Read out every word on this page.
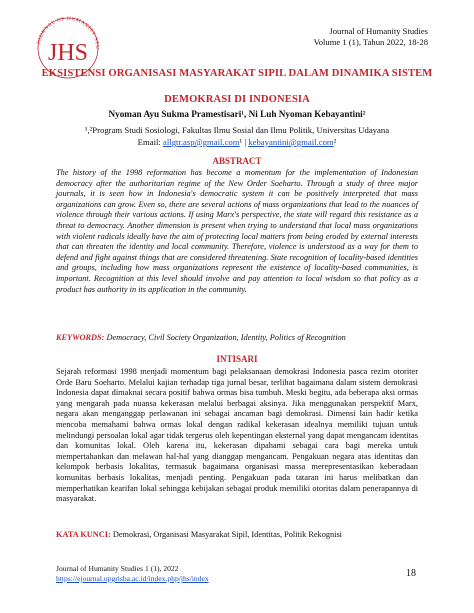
JOURNAL OF HUMANITY STU
JHS
Journal of Humanity Studies
Volume 1 (1), Tahun 2022, 18-28
EKSISTENSI ORGANISASI MASYARAKAT SIPIL DALAM DINAMIKA SISTEM
DEMOKRASI DI INDONESIA
Nyoman Ayu Sukma Pramestisari¹, Ni Luh Nyoman Kebayantini²
¹,²Program Studi Sosiologi, Fakultas Ilmu Sosial dan Ilmu Politik, Universitas Udayana
Email: allgtr.asp@gmail.com¹ | kebayantini@gmail.com²
ABSTRACT
The history of the 1998 reformation has become a momentum for the implementation of Indonesian democracy after the authoritarian regime of the New Order Soeharto. Through a study of three major journals, it is seen how in Indonesia's democratic system it can be positively interpreted that mass organizations can grow. Even so, there are several actions of mass organizations that lead to the nuances of violence through their various actions. If using Marx's perspective, the state will regard this resistance as a threat to democracy. Another dimension is present when trying to understand that local mass organizations with violent radicals ideally have the aim of protecting local matters from being eroded by external interests that can threaten the identity and local community. Therefore, violence is understood as a way for them to defend and fight against things that are considered threatening. State recognition of locality-based identities and groups, including how mass organizations represent the existence of locality-based communities, is important. Recognition at this level should involve and pay attention to local wisdom so that policy as a product has authority in its application in the community.
KEYWORDS: Democracy, Civil Society Organization, Identity, Politics of Recognition
INTISARI
Sejarah reformasi 1998 menjadi momentum bagi pelaksanaan demokrasi Indonesia pasca rezim otoriter Orde Baru Soeharto. Melalui kajian terhadap tiga jurnal besar, terlihat bagaimana dalam sistem demokrasi Indonesia dapat dimaknai secara positif bahwa ormas bisa tumbuh. Meski begitu, ada beberapa aksi ormas yang mengarah pada nuansa kekerasan melalui berbagai aksinya. Jika menggunakan perspektif Marx, negara akan menganggap perlawanan ini sebagai ancaman bagi demokrasi. Dimensi lain hadir ketika mencoba memahami bahwa ormas lokal dengan radikal kekerasan idealnya memiliki tujuan untuk melindungi persoalan lokal agar tidak tergerus oleh kepentingan eksternal yang dapat mengancam identitas dan komunitas lokal. Oleh karena itu, kekerasan dipahami sebagai cara bagi mereka untuk mempertahankan dan melawan hal-hal yang dianggap mengancam. Pengakuan negara atas identitas dan kelompok berbasis lokalitas, termasuk bagaimana organisasi massa merepresentasikan keberadaan komunitas berbasis lokalitas, menjadi penting. Pengakuan pada tataran ini harus melibatkan dan memperhatikan kearifan lokal sehingga kebijakan sebagai produk memiliki otoritas dalam penerapannya di masyarakat.
KATA KUNCI: Demokrasi, Organisasi Masyarakat Sipil, Identitas, Politik Rekognisi
Journal of Humanity Studies 1 (1), 2022
https://ejournal.upgrisba.ac.id/index.php/jhs/index	18
